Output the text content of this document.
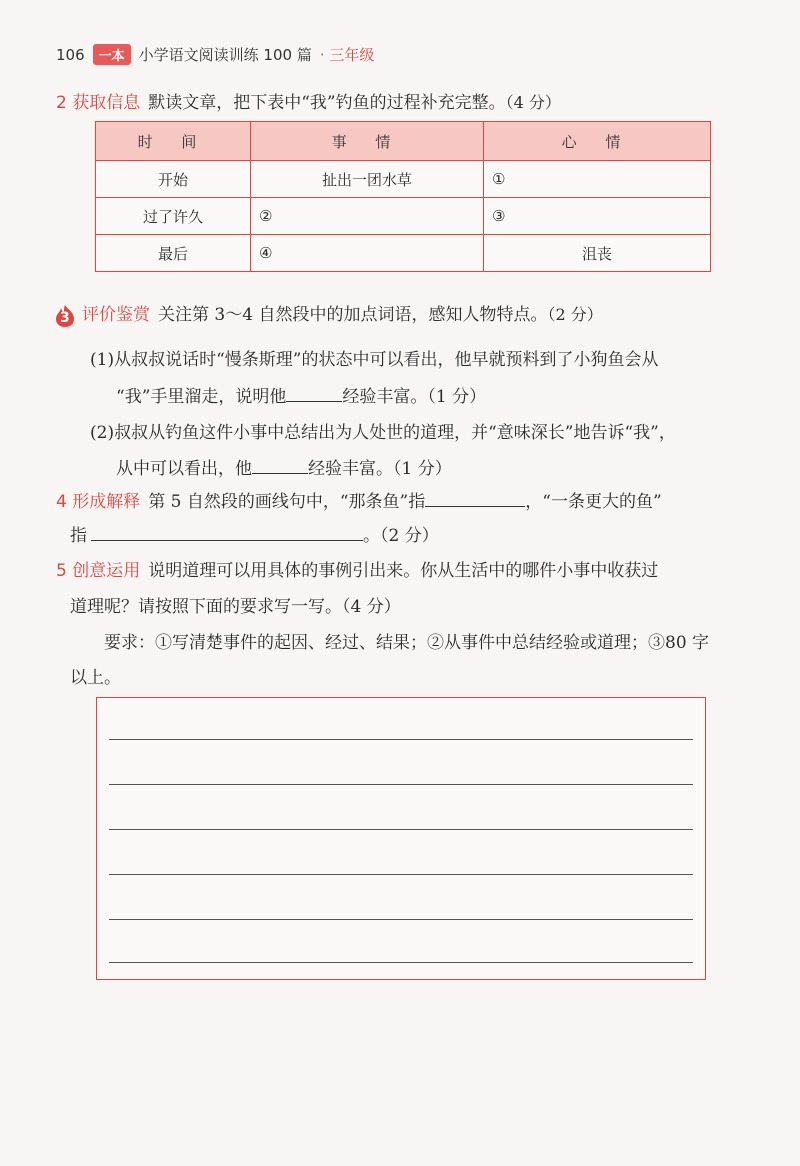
106	一本 小学语文阅读训练 100 篇 · 三年级
2 获取信息 默读文章，把下表中“我”钓鱼的过程补充完整。（4 分）
时 间	事 情	心 情
开始	扯出一团水草	①
过了许久	②	③
最后	④	沮丧
3 评价鉴赏 关注第 3～4 自然段中的加点词语，感知人物特点。（2 分）
(1)从叔叔说话时“慢条斯理”的状态中可以看出，他早就预料到了小狗鱼会从
“我”手里溜走，说明他	经验丰富。（1 分）
(2)叔叔从钓鱼这件小事中总结出为人处世的道理，并“意味深长”地告诉“我”，
从中可以看出，他	经验丰富。（1 分）
4 形成解释 第 5 自然段的画线句中，“那条鱼”指	，“一条更大的鱼”
指	。（2 分）
5 创意运用 说明道理可以用具体的事例引出来。你从生活中的哪件小事中收获过
道理呢？请按照下面的要求写一写。（4 分）
要求：①写清楚事件的起因、经过、结果；②从事件中总结经验或道理；③80 字
以上。
